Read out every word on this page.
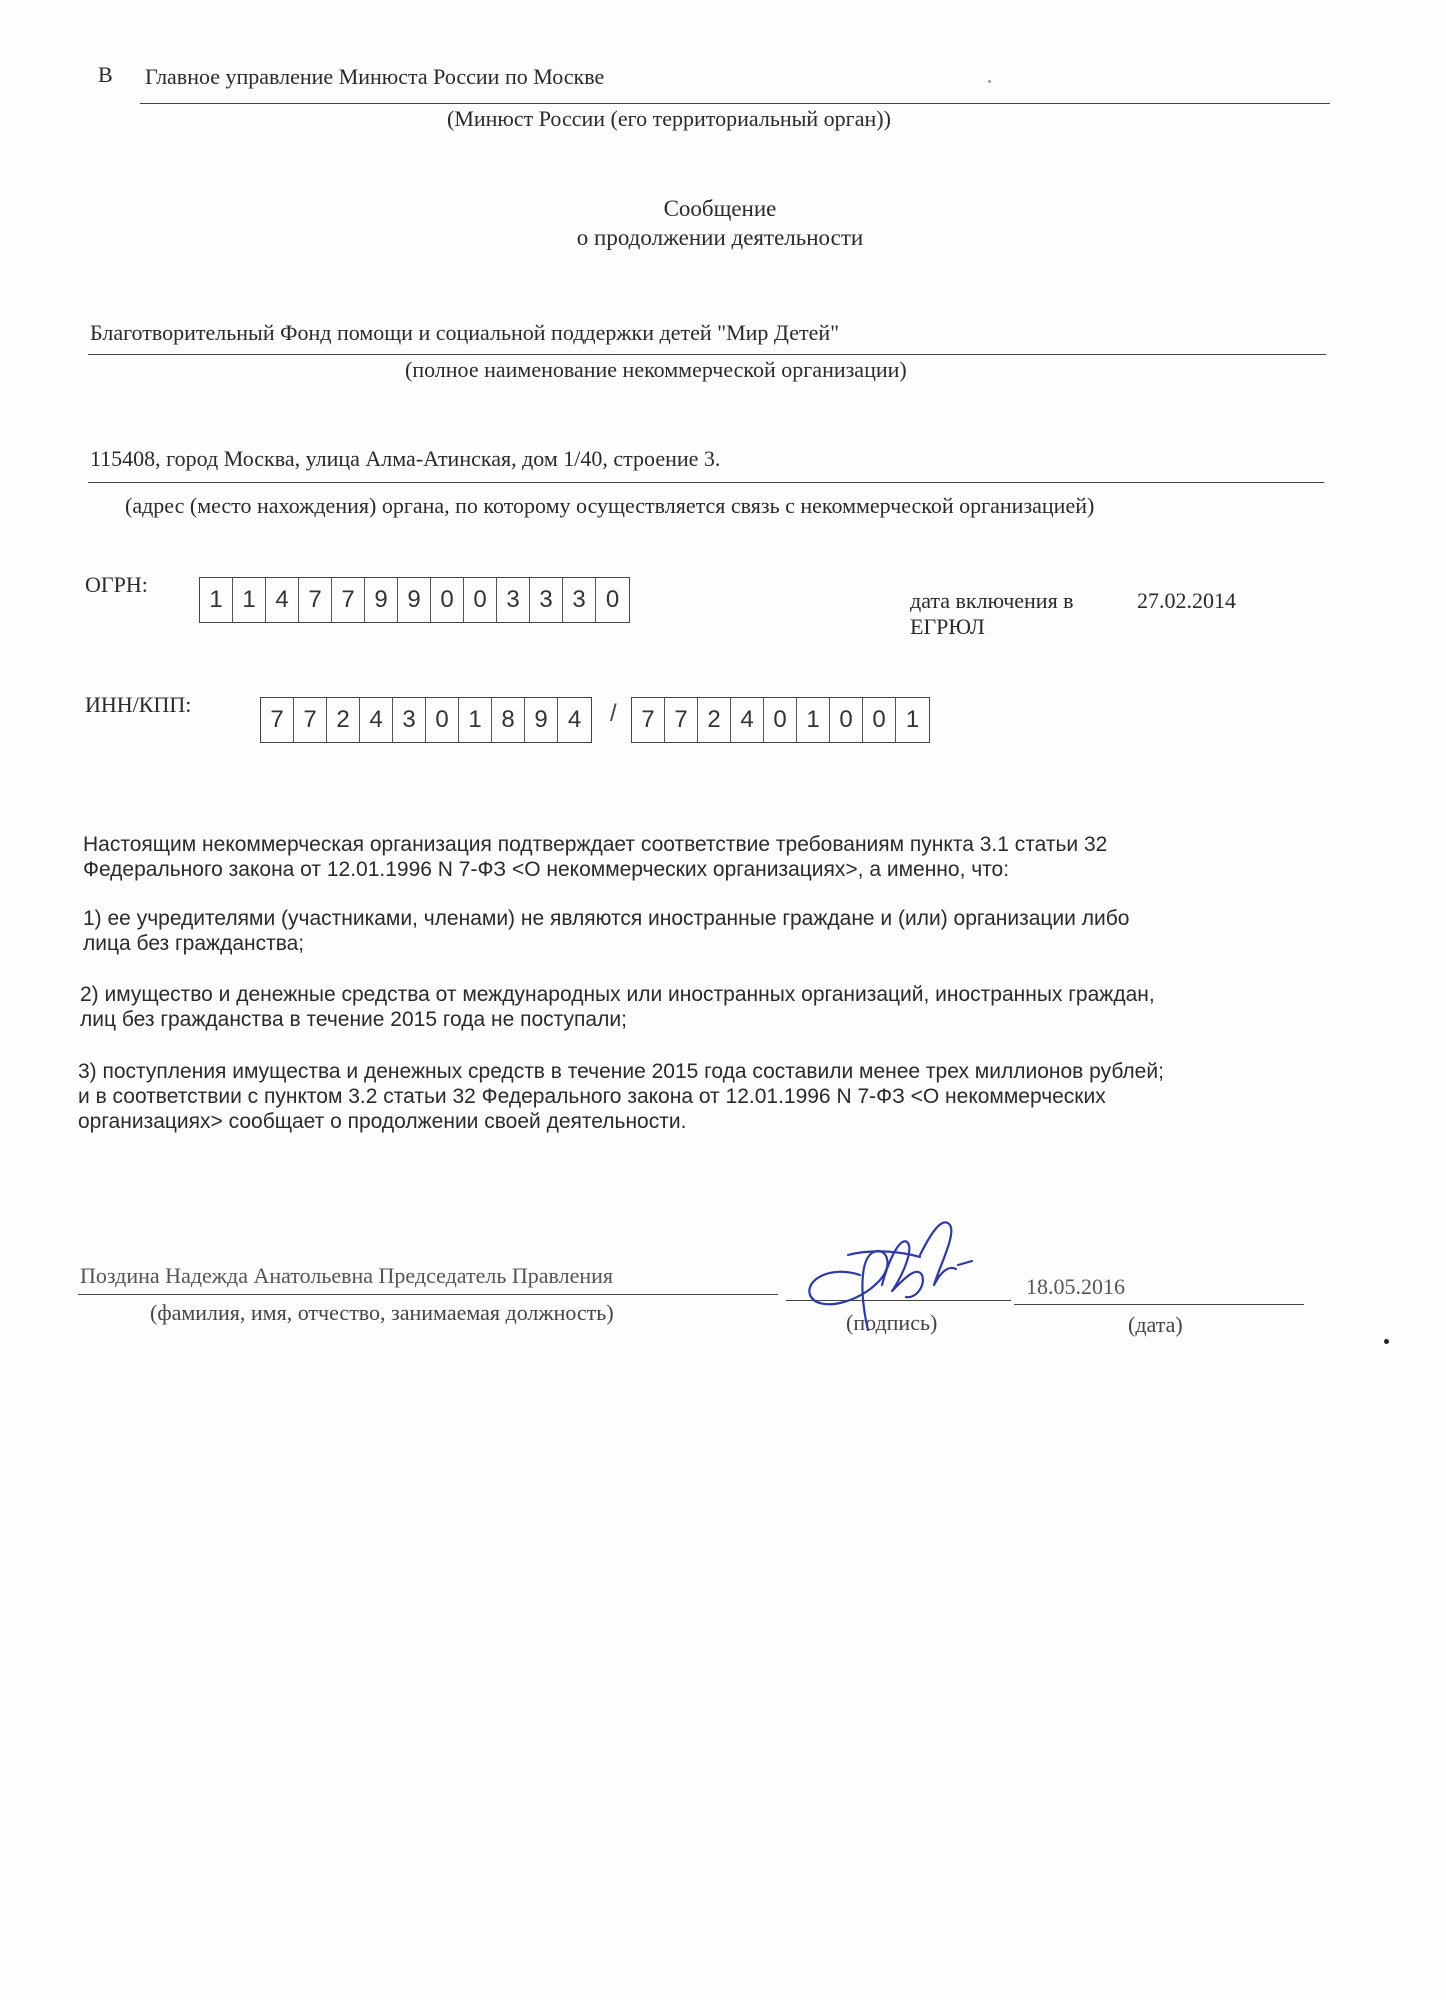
В Главное управление Минюста России по Москве
(Минюст России (его территориальный орган))
Сообщение
о продолжении деятельности
Благотворительный Фонд помощи и социальной поддержки детей "Мир Детей"
(полное наименование некоммерческой организации)
115408, город Москва, улица Алма-Атинская, дом 1/40, строение 3.
(адрес (место нахождения) органа, по которому осуществляется связь с некоммерческой организацией)
ОГРН:
1 1 4 7 7 9 9 0 0 3 3 3 0	дата включения в
ЕГРЮЛ
27.02.2014
ИНН/КПП:
7 7 2 4 3 0 1 8 9 4	/	7 7 2 4 0 1 0 0 1
Настоящим некоммерческая организация подтверждает соответствие требованиям пункта 3.1 статьи 32
Федерального закона от 12.01.1996 N 7-ФЗ <О некоммерческих организациях>, а именно, что:
1) ее учредителями (участниками, членами) не являются иностранные граждане и (или) организации либо
лица без гражданства;
2) имущество и денежные средства от международных или иностранных организаций, иностранных граждан,
лиц без гражданства в течение 2015 года не поступали;
3) поступления имущества и денежных средств в течение 2015 года составили менее трех миллионов рублей;
и в соответствии с пунктом 3.2 статьи 32 Федерального закона от 12.01.1996 N 7-ФЗ <О некоммерческих
организациях> сообщает о продолжении своей деятельности.
Поздина Надежда Анатольевна Председатель Правления
(фамилия, имя, отчество, занимаемая должность)	(подпись)
18.05.2016
(дата)
